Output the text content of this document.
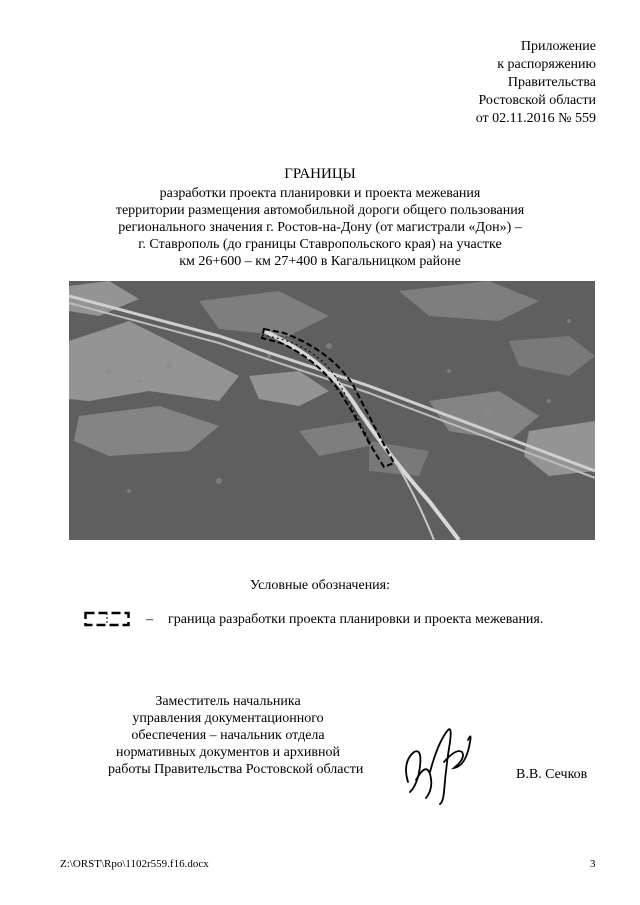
Приложение
к распоряжению
Правительства
Ростовской области
от 02.11.2016 № 559
ГРАНИЦЫ
разработки проекта планировки и проекта межевания
территории размещения автомобильной дороги общего пользования
регионального значения г. Ростов-на-Дону (от магистрали «Дон») –
г. Ставрополь (до границы Ставропольского края) на участке
км 26+600 – км 27+400 в Кагальницком районе
Условные обозначения:
– граница разработки проекта планировки и проекта межевания.
Заместитель начальника
управления документационного
обеспечения – начальник отдела
нормативных документов и архивной
работы Правительства Ростовской области	В.В. Сечков
Z:\ORST\Rpo\1102r559.f16.docx	3
